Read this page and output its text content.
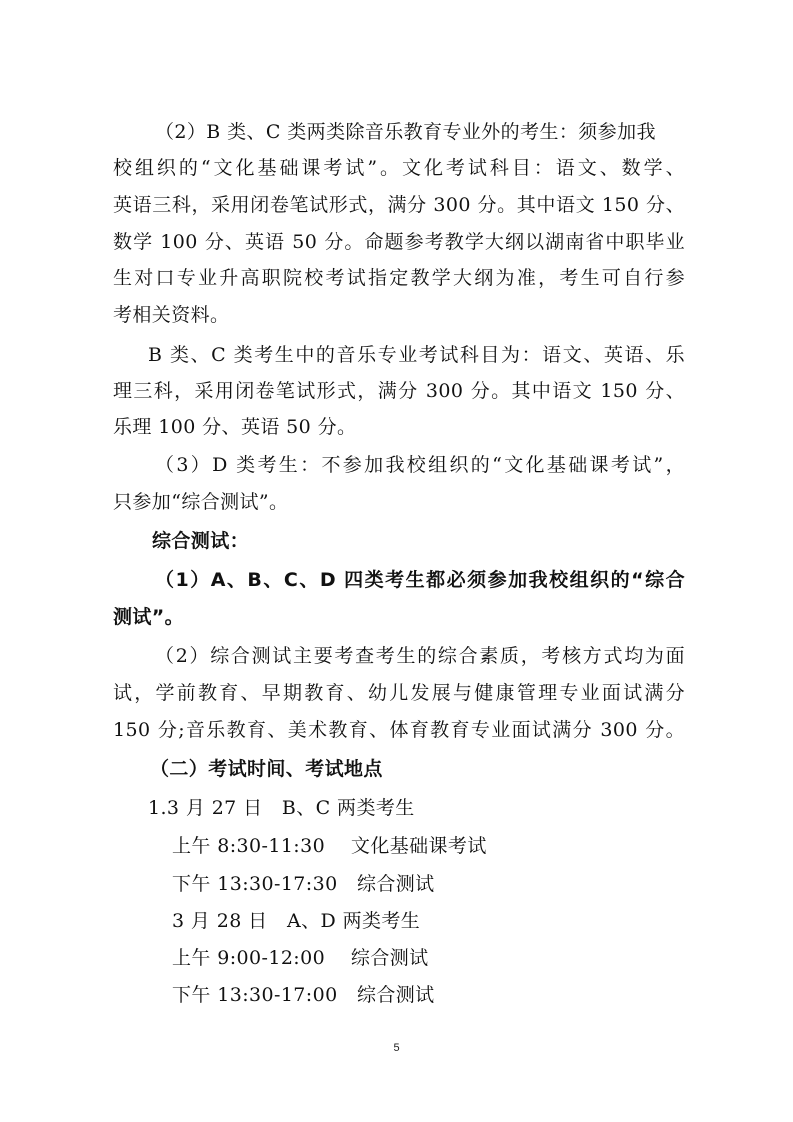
（2）B 类、C 类两类除音乐教育专业外的考生：须参加我
校组织的“文化基础课考试”。文化考试科目：语文、数学、
英语三科，采用闭卷笔试形式，满分 300 分。其中语文 150 分、
数学 100 分、英语 50 分。命题参考教学大纲以湖南省中职毕业
生对口专业升高职院校考试指定教学大纲为准，考生可自行参
考相关资料。
B 类、C 类考生中的音乐专业考试科目为：语文、英语、乐
理三科，采用闭卷笔试形式，满分 300 分。其中语文 150 分、
乐理 100 分、英语 50 分。
（3）D 类考生：不参加我校组织的“文化基础课考试”，
只参加“综合测试”。
综合测试：
（1）A、B、C、D 四类考生都必须参加我校组织的“综合
测试”。
（2）综合测试主要考查考生的综合素质，考核方式均为面
试，学前教育、早期教育、幼儿发展与健康管理专业面试满分
150 分;音乐教育、美术教育、体育教育专业面试满分 300 分。
（二）考试时间、考试地点
1.3 月 27 日　B、C 两类考生
上午 8:30-11:30　 文化基础课考试
下午 13:30-17:30　综合测试
3 月 28 日　A、D 两类考生
上午 9:00-12:00　 综合测试
下午 13:30-17:00　综合测试
5
